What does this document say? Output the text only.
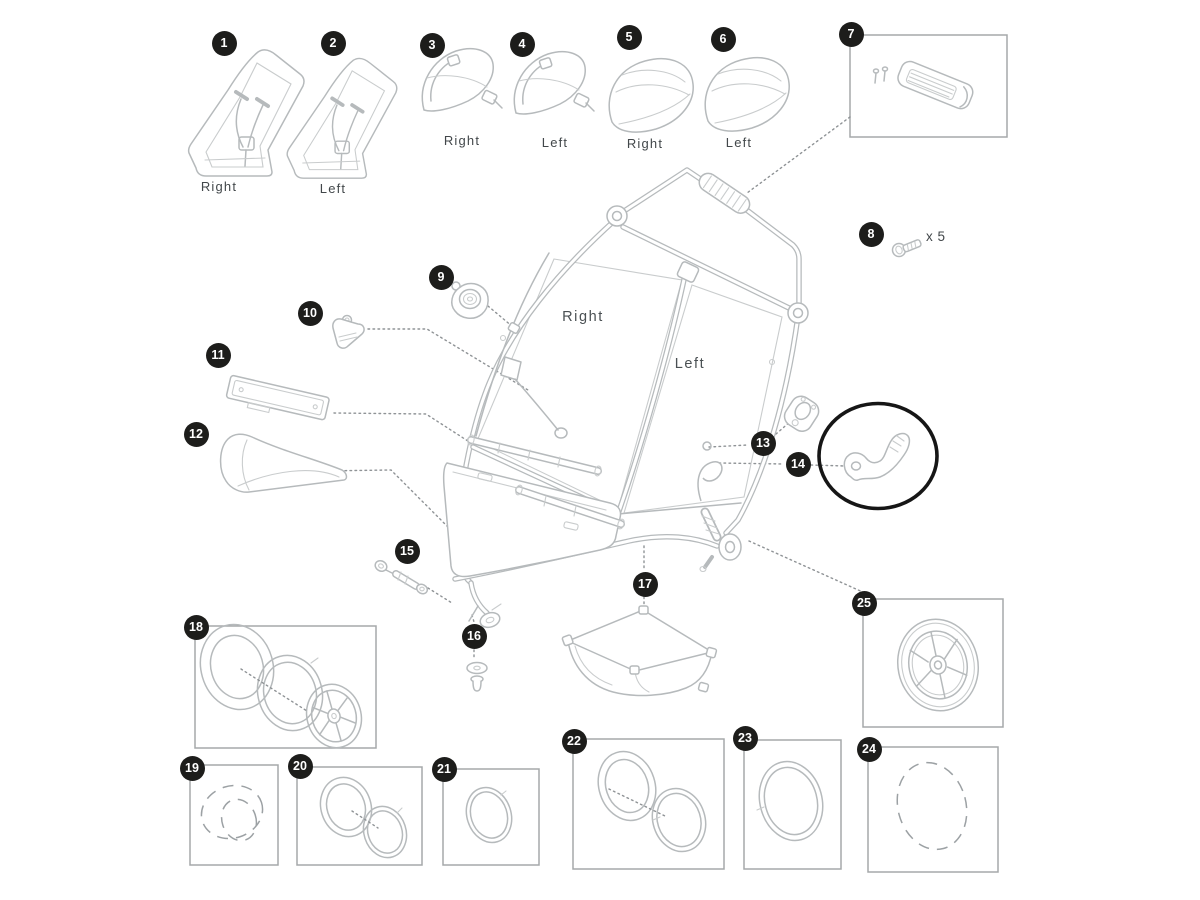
1	2	3	4	5	6	7
8
9
10
11
12
13
14
15
16
17
18
19	20	21
22	23
24
25
Right	Left
Right	Left	Right	Left
Right
Left
x 5
